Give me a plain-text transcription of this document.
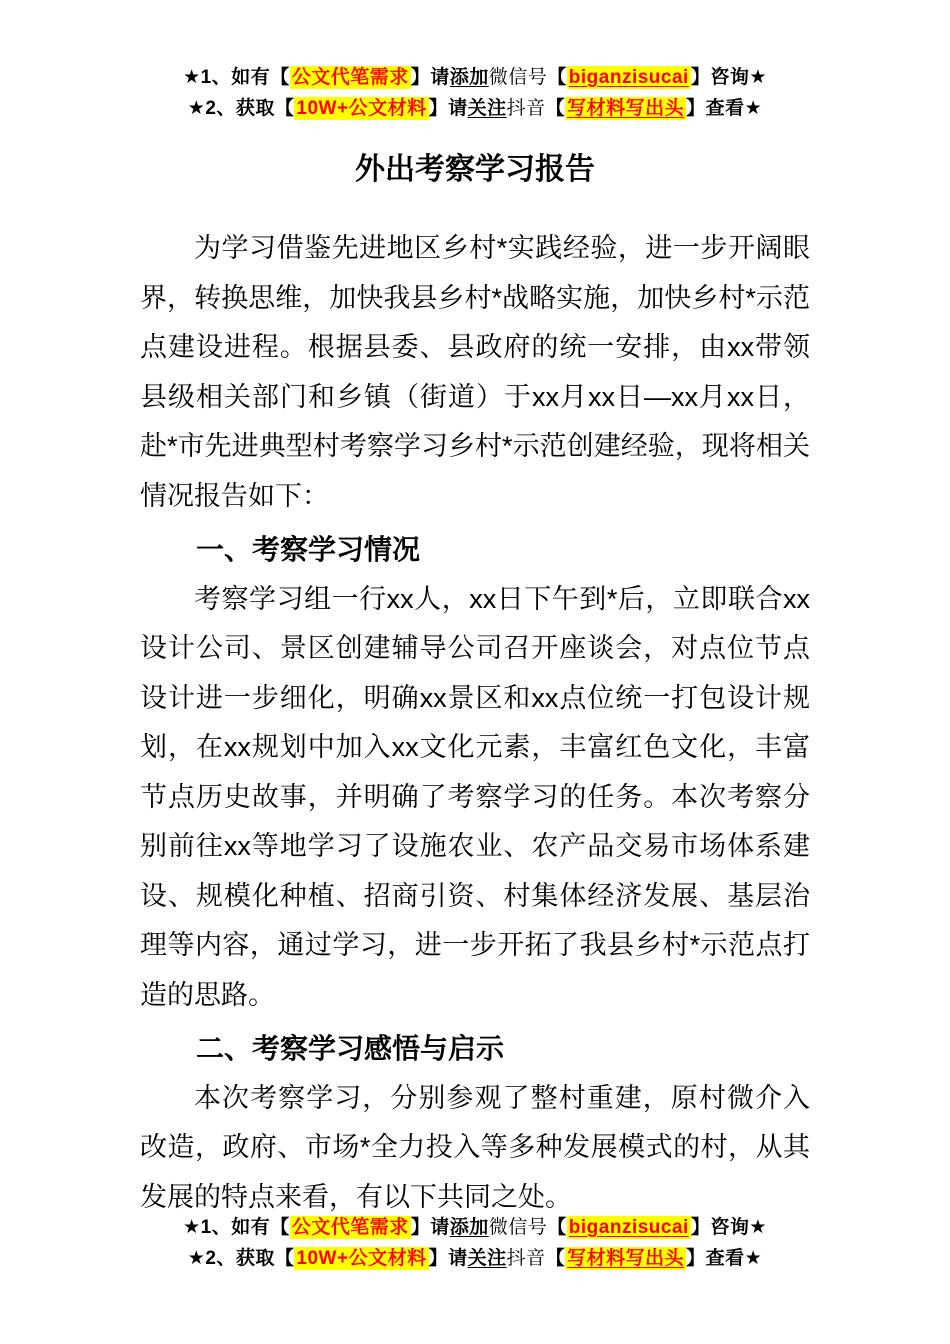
★1、如有【 公文代笔需求 】请添加微信号【 biganzisucai 】咨询★
★2、获取【 10W+公文材料 】请关注抖音【 写材料写出头 】查看★
外出考察学习报告

为学习借鉴先进地区乡村*实践经验，进一步开阔眼界，转换思维，加快我县乡村*战略实施，加快乡村*示范点建设进程。根据县委、县政府的统一安排，由xx带领县级相关部门和乡镇（街道）于xx月xx日—xx月xx日，赴*市先进典型村考察学习乡村*示范创建经验，现将相关情况报告如下：

一、考察学习情况

考察学习组一行xx人，xx日下午到*后，立即联合xx设计公司、景区创建辅导公司召开座谈会，对点位节点设计进一步细化，明确xx景区和xx点位统一打包设计规划，在xx规划中加入xx文化元素，丰富红色文化，丰富节点历史故事，并明确了考察学习的任务。本次考察分别前往xx等地学习了设施农业、农产品交易市场体系建设、规模化种植、招商引资、村集体经济发展、基层治理等内容，通过学习，进一步开拓了我县乡村*示范点打造的思路。

二、考察学习感悟与启示

本次考察学习，分别参观了整村重建，原村微介入改造，政府、市场*全力投入等多种发展模式的村，从其发展的特点来看，有以下共同之处。

★1、如有【 公文代笔需求 】请添加微信号【 biganzisucai 】咨询★
★2、获取【 10W+公文材料 】请关注抖音【 写材料写出头 】查看★
